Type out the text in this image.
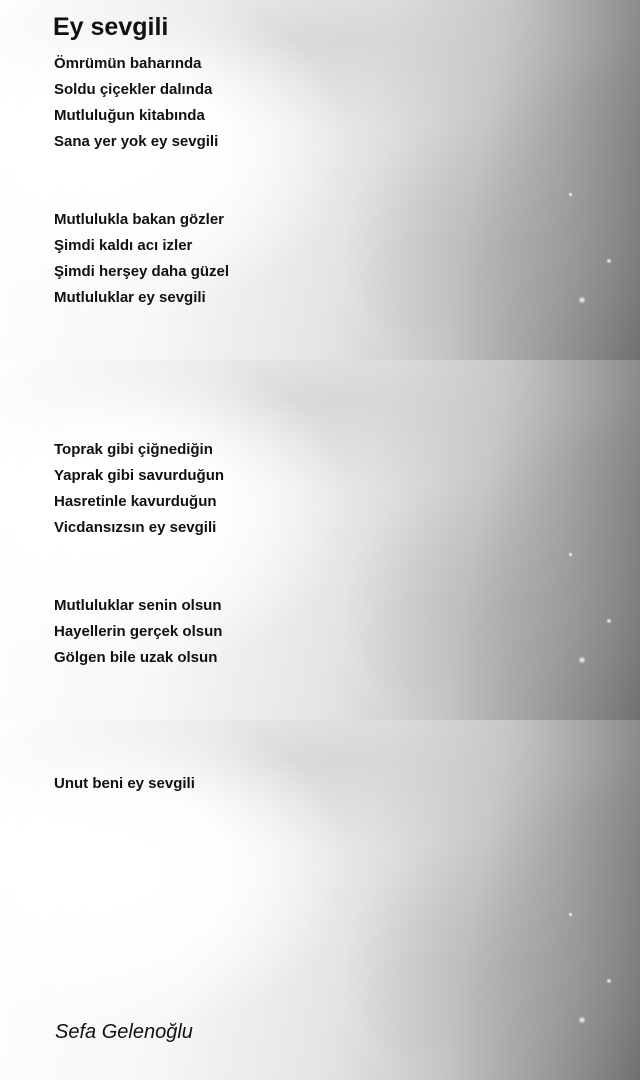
Ey sevgili
Ömrümün baharında
Soldu çiçekler dalında
Mutluluğun kitabında
Sana yer yok ey sevgili
Mutlulukla bakan gözler
Şimdi kaldı acı izler
Şimdi herşey daha güzel
Mutluluklar ey sevgili
Toprak gibi çiğnediğin
Yaprak gibi savurduğun
Hasretinle kavurduğun
Vicdansızsın ey sevgili
Mutluluklar senin olsun
Hayellerin gerçek olsun
Gölgen bile uzak olsun
Unut beni ey sevgili
Sefa Gelenoğlu
